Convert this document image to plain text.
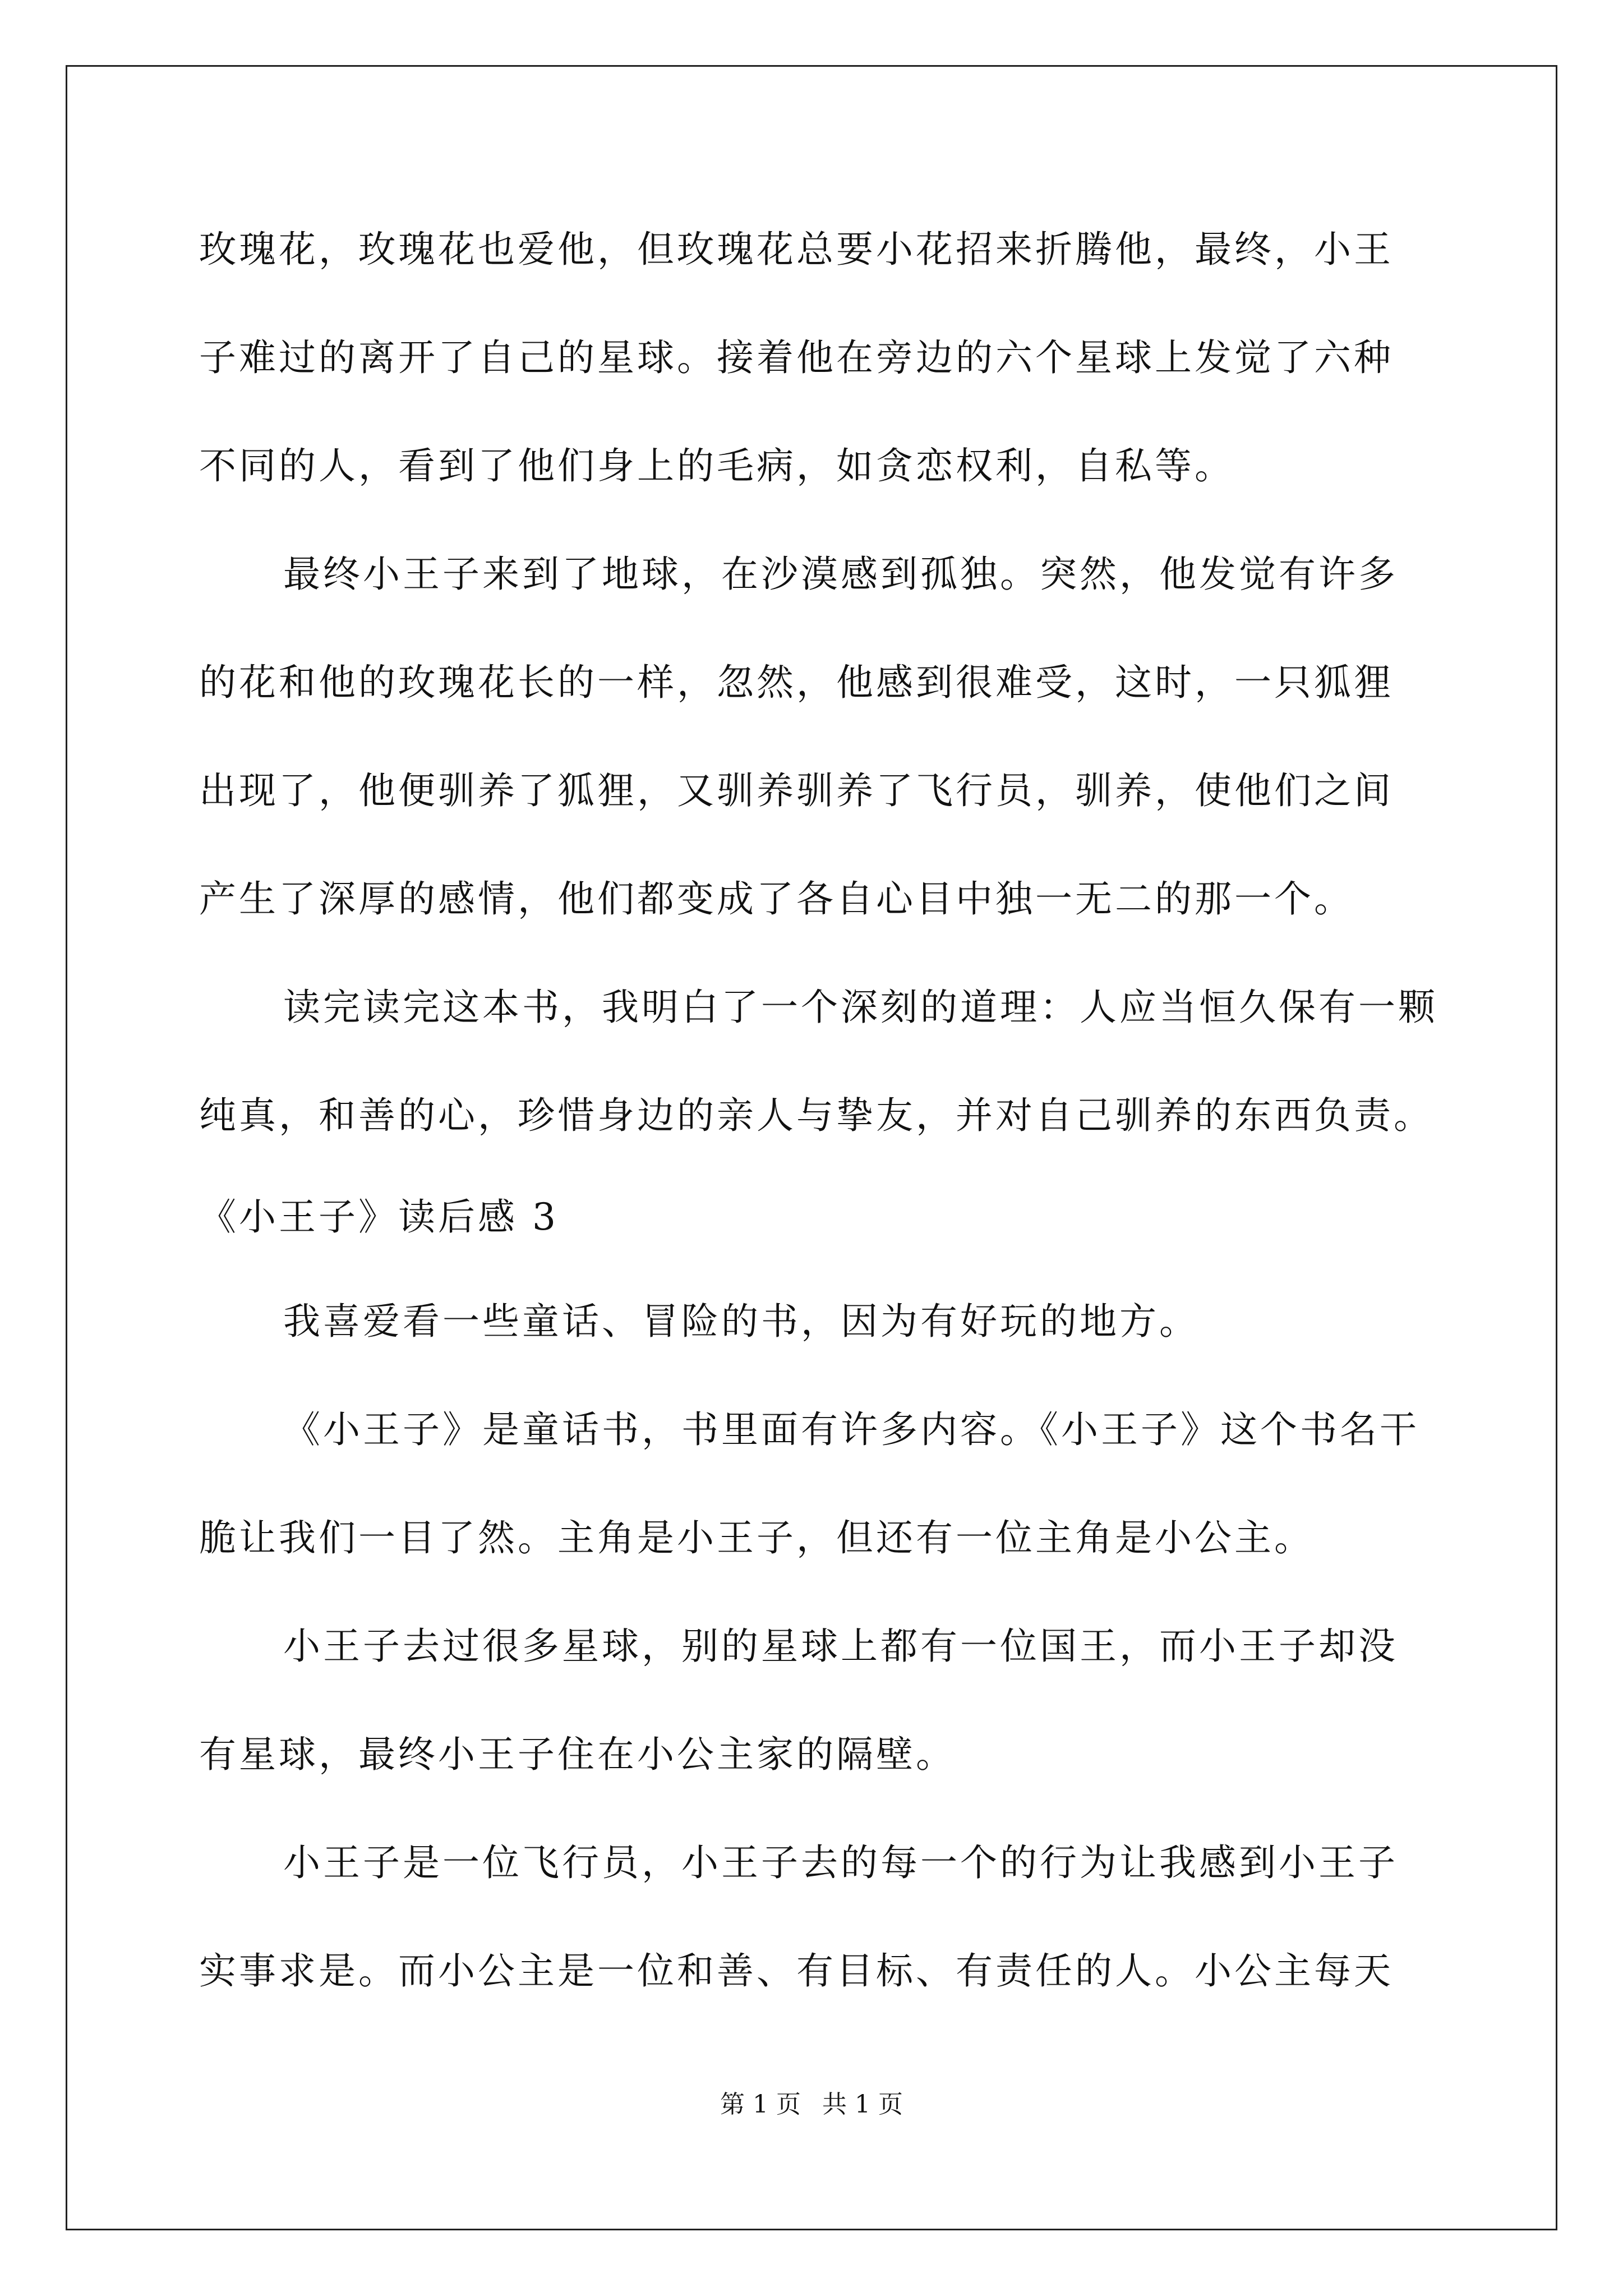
玫瑰花，玫瑰花也爱他，但玫瑰花总要小花招来折腾他，最终，小王
子难过的离开了自己的星球。接着他在旁边的六个星球上发觉了六种
不同的人，看到了他们身上的毛病，如贪恋权利，自私等。
最终小王子来到了地球，在沙漠感到孤独。突然，他发觉有许多
的花和他的玫瑰花长的一样，忽然，他感到很难受，这时，一只狐狸
出现了，他便驯养了狐狸，又驯养驯养了飞行员，驯养，使他们之间
产生了深厚的感情，他们都变成了各自心目中独一无二的那一个。
读完读完这本书，我明白了一个深刻的道理：人应当恒久保有一颗
纯真，和善的心，珍惜身边的亲人与挚友，并对自己驯养的东西负责。
《小王子》读后感 3
我喜爱看一些童话、冒险的书，因为有好玩的地方。
《小王子》是童话书，书里面有许多内容。《小王子》这个书名干
脆让我们一目了然。主角是小王子，但还有一位主角是小公主。
小王子去过很多星球，别的星球上都有一位国王，而小王子却没
有星球，最终小王子住在小公主家的隔壁。
小王子是一位飞行员，小王子去的每一个的行为让我感到小王子
实事求是。而小公主是一位和善、有目标、有责任的人。小公主每天
第 1 页 共 1 页
